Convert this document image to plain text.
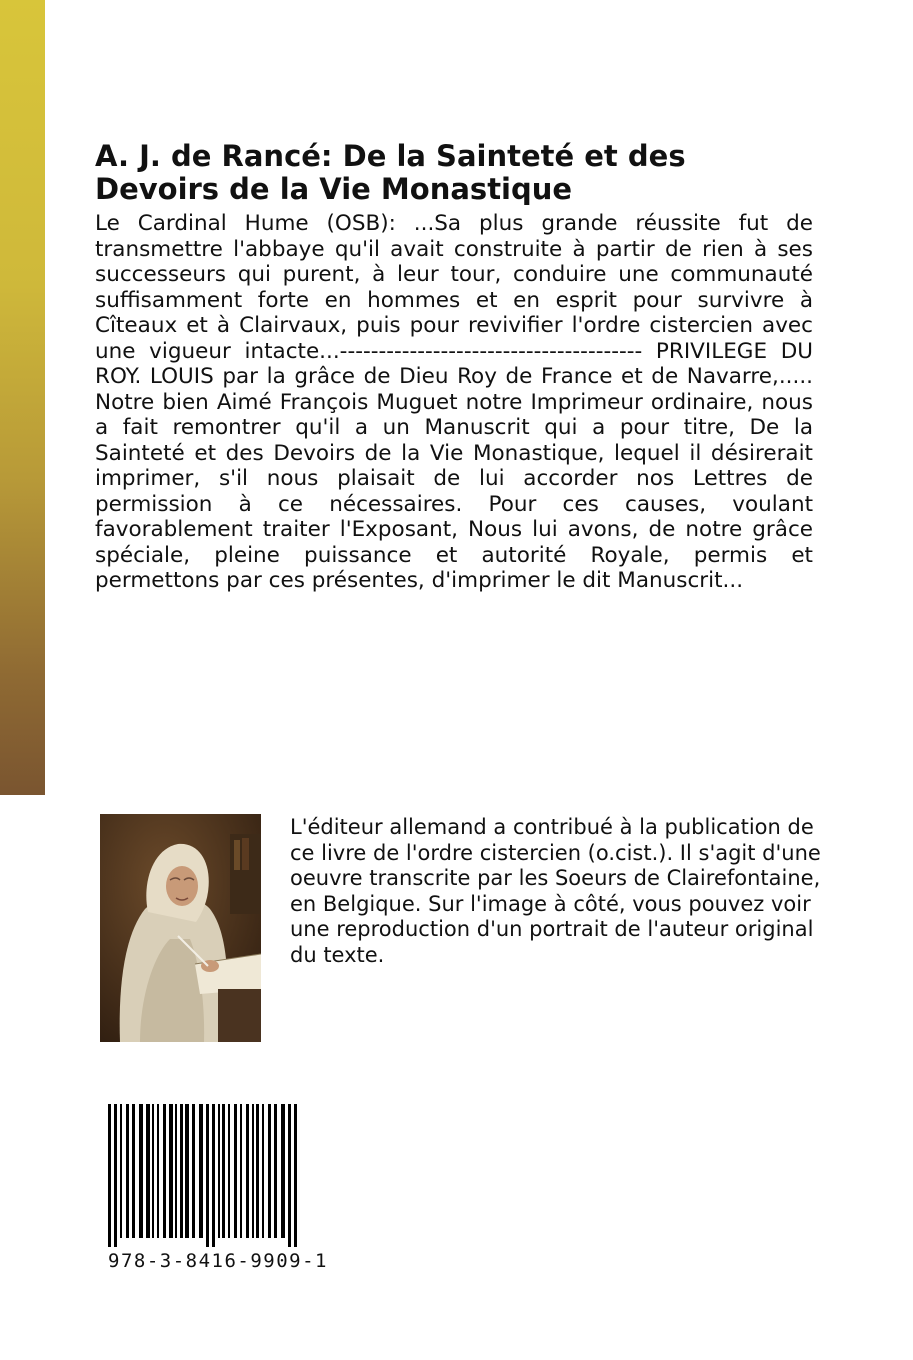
A. J. de Rancé: De la Sainteté et des Devoirs de la Vie Monastique

Le Cardinal Hume (OSB): ...Sa plus grande réussite fut de transmettre l'abbaye qu'il avait construite à partir de rien à ses successeurs qui purent, à leur tour, conduire une communauté suffisamment forte en hommes et en esprit pour survivre à Cîteaux et à Clairvaux, puis pour revivifier l'ordre cistercien avec une vigueur intacte...--------------------------------------- PRIVILEGE DU ROY. LOUIS par la grâce de Dieu Roy de France et de Navarre,..... Notre bien Aimé François Muguet notre Imprimeur ordinaire, nous a fait remontrer qu'il a un Manuscrit qui a pour titre, De la Sainteté et des Devoirs de la Vie Monastique, lequel il désirerait imprimer, s'il nous plaisait de lui accorder nos Lettres de permission à ce nécessaires. Pour ces causes, voulant favorablement traiter l'Exposant, Nous lui avons, de notre grâce spéciale, pleine puissance et autorité Royale, permis et permettons par ces présentes, d'imprimer le dit Manuscrit...

L'éditeur allemand a contribué à la publication de ce livre de l'ordre cistercien (o.cist.). Il s'agit d'une oeuvre transcrite par les Soeurs de Clairefontaine, en Belgique. Sur l'image à côté, vous pouvez voir une reproduction d'un portrait de l'auteur original du texte.

978-3-8416-9909-1
